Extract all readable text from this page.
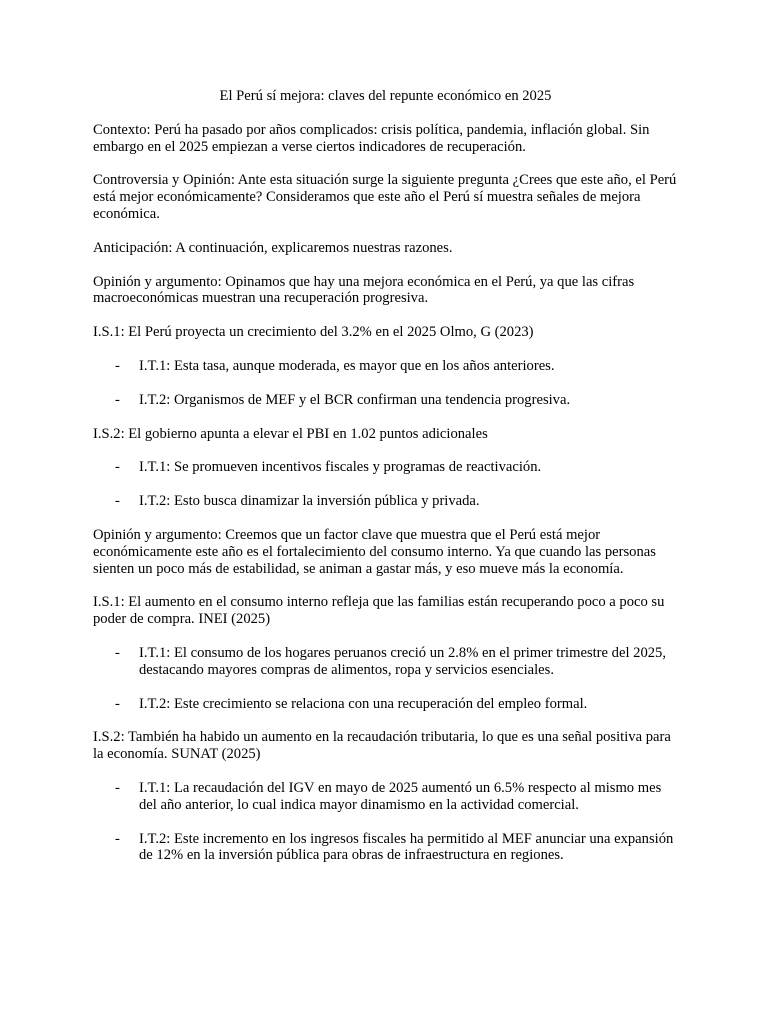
El Perú sí mejora: claves del repunte económico en 2025
Contexto: Perú ha pasado por años complicados: crisis política, pandemia, inflación global. Sin embargo en el 2025 empiezan a verse ciertos indicadores de recuperación.
Controversia y Opinión: Ante esta situación surge la siguiente pregunta ¿Crees que este año, el Perú está mejor económicamente? Consideramos que este año el Perú sí muestra señales de mejora económica.
Anticipación: A continuación, explicaremos nuestras razones.
Opinión y argumento: Opinamos que hay una mejora económica en el Perú, ya que las cifras macroeconómicas muestran una recuperación progresiva.
I.S.1: El Perú proyecta un crecimiento del 3.2% en el 2025 Olmo, G (2023)
- I.T.1: Esta tasa, aunque moderada, es mayor que en los años anteriores.
- I.T.2: Organismos de MEF y el BCR confirman una tendencia progresiva.
I.S.2: El gobierno apunta a elevar el PBI en 1.02 puntos adicionales
- I.T.1: Se promueven incentivos fiscales y programas de reactivación.
- I.T.2: Esto busca dinamizar la inversión pública y privada.
Opinión y argumento: Creemos que un factor clave que muestra que el Perú está mejor económicamente este año es el fortalecimiento del consumo interno. Ya que cuando las personas sienten un poco más de estabilidad, se animan a gastar más, y eso mueve más la economía.
I.S.1: El aumento en el consumo interno refleja que las familias están recuperando poco a poco su poder de compra. INEI (2025)
- I.T.1: El consumo de los hogares peruanos creció un 2.8% en el primer trimestre del 2025, destacando mayores compras de alimentos, ropa y servicios esenciales.
- I.T.2: Este crecimiento se relaciona con una recuperación del empleo formal.
I.S.2: También ha habido un aumento en la recaudación tributaria, lo que es una señal positiva para la economía. SUNAT (2025)
- I.T.1: La recaudación del IGV en mayo de 2025 aumentó un 6.5% respecto al mismo mes del año anterior, lo cual indica mayor dinamismo en la actividad comercial.
- I.T.2: Este incremento en los ingresos fiscales ha permitido al MEF anunciar una expansión de 12% en la inversión pública para obras de infraestructura en regiones.
